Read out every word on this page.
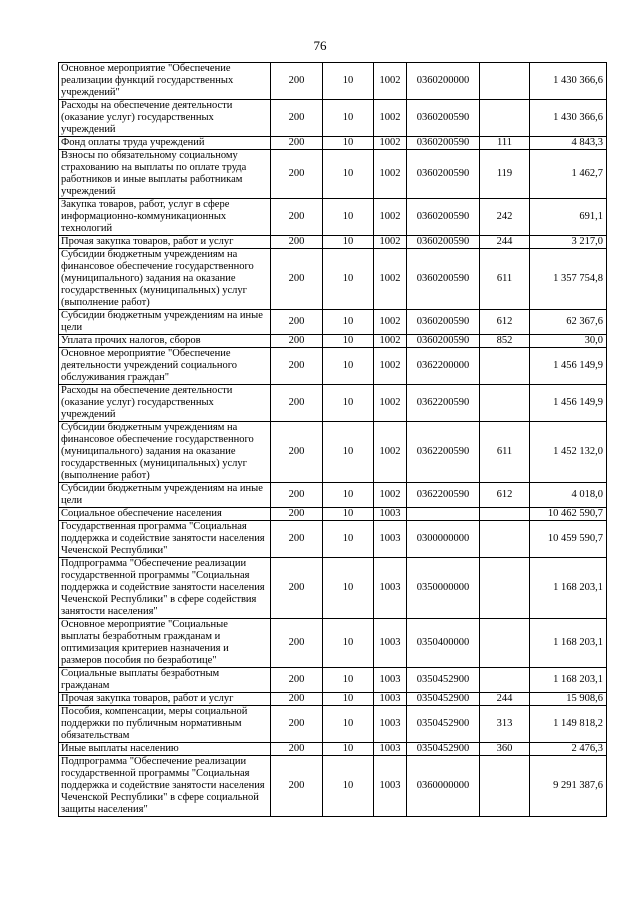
76
Основное мероприятие "Обеспечение реализации функций государственных учреждений"	200	10	1002	0360200000		1 430 366,6
Расходы на обеспечение деятельности (оказание услуг) государственных учреждений	200	10	1002	0360200590		1 430 366,6
Фонд оплаты труда учреждений	200	10	1002	0360200590	111	4 843,3
Взносы по обязательному социальному страхованию на выплаты по оплате труда работников и иные выплаты работникам учреждений	200	10	1002	0360200590	119	1 462,7
Закупка товаров, работ, услуг в сфере информационно-коммуникационных технологий	200	10	1002	0360200590	242	691,1
Прочая закупка товаров, работ и услуг	200	10	1002	0360200590	244	3 217,0
Субсидии бюджетным учреждениям на финансовое обеспечение государственного (муниципального) задания на оказание государственных (муниципальных) услуг (выполнение работ)	200	10	1002	0360200590	611	1 357 754,8
Субсидии бюджетным учреждениям на иные цели	200	10	1002	0360200590	612	62 367,6
Уплата прочих налогов, сборов	200	10	1002	0360200590	852	30,0
Основное мероприятие "Обеспечение деятельности учреждений социального обслуживания граждан"	200	10	1002	0362200000		1 456 149,9
Расходы на обеспечение деятельности (оказание услуг) государственных учреждений	200	10	1002	0362200590		1 456 149,9
Субсидии бюджетным учреждениям на финансовое обеспечение государственного (муниципального) задания на оказание государственных (муниципальных) услуг (выполнение работ)	200	10	1002	0362200590	611	1 452 132,0
Субсидии бюджетным учреждениям на иные цели	200	10	1002	0362200590	612	4 018,0
Социальное обеспечение населения	200	10	1003			10 462 590,7
Государственная программа "Социальная поддержка и содействие занятости населения Чеченской Республики"	200	10	1003	0300000000		10 459 590,7
Подпрограмма "Обеспечение реализации государственной программы "Социальная поддержка и содействие занятости населения Чеченской Республики" в сфере содействия занятости населения"	200	10	1003	0350000000		1 168 203,1
Основное мероприятие "Социальные выплаты безработным гражданам и оптимизация критериев назначения и размеров пособия по безработице"	200	10	1003	0350400000		1 168 203,1
Социальные выплаты безработным гражданам	200	10	1003	0350452900		1 168 203,1
Прочая закупка товаров, работ и услуг	200	10	1003	0350452900	244	15 908,6
Пособия, компенсации, меры социальной поддержки по публичным нормативным обязательствам	200	10	1003	0350452900	313	1 149 818,2
Иные выплаты населению	200	10	1003	0350452900	360	2 476,3
Подпрограмма "Обеспечение реализации государственной программы "Социальная поддержка и содействие занятости населения Чеченской Республики" в сфере социальной защиты населения"	200	10	1003	0360000000		9 291 387,6
